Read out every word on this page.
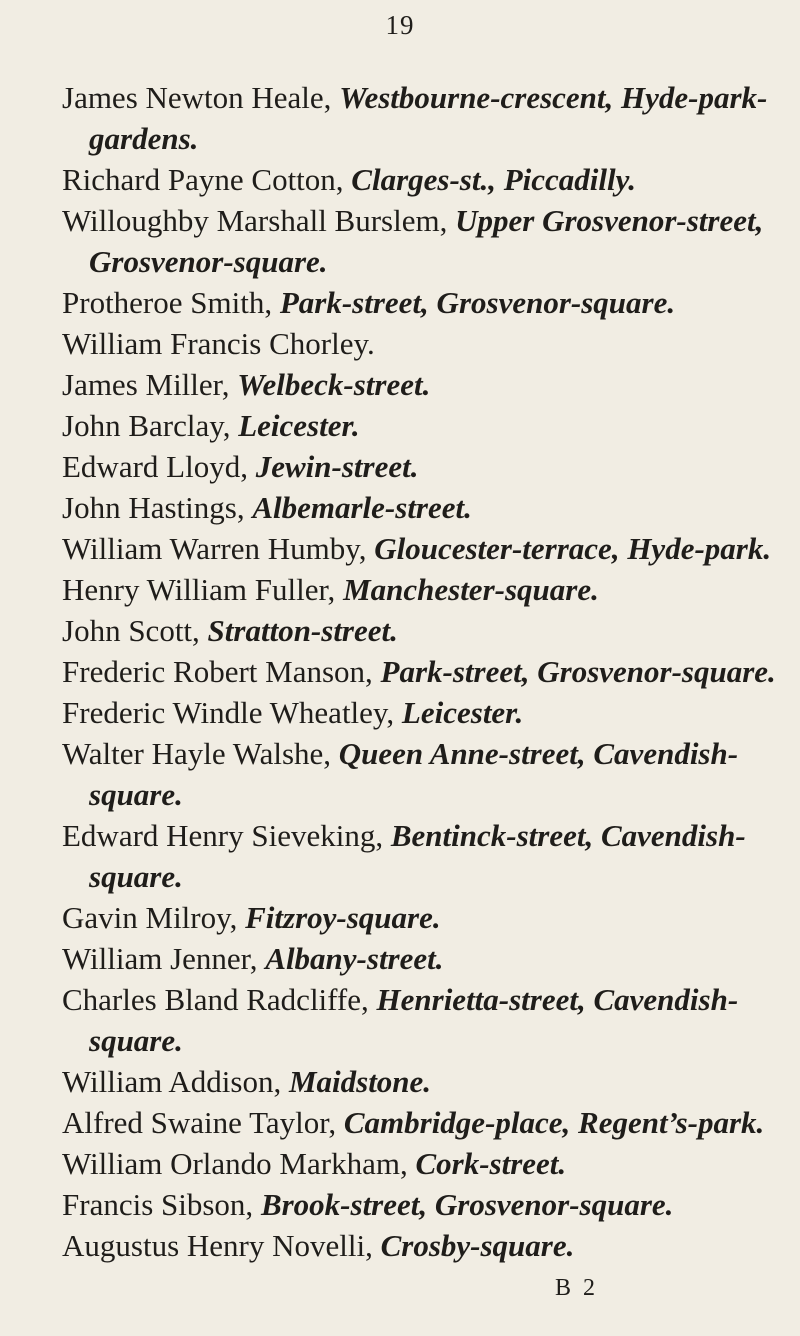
19
James Newton Heale, Westbourne-crescent, Hyde-park-gardens.
Richard Payne Cotton, Clarges-st., Piccadilly.
Willoughby Marshall Burslem, Upper Grosvenor-street, Grosvenor-square.
Protheroe Smith, Park-street, Grosvenor-square.
William Francis Chorley.
James Miller, Welbeck-street.
John Barclay, Leicester.
Edward Lloyd, Jewin-street.
John Hastings, Albemarle-street.
William Warren Humby, Gloucester-terrace, Hyde-park.
Henry William Fuller, Manchester-square.
John Scott, Stratton-street.
Frederic Robert Manson, Park-street, Grosvenor-square.
Frederic Windle Wheatley, Leicester.
Walter Hayle Walshe, Queen Anne-street, Cavendish-square.
Edward Henry Sieveking, Bentinck-street, Cavendish-square.
Gavin Milroy, Fitzroy-square.
William Jenner, Albany-street.
Charles Bland Radcliffe, Henrietta-street, Cavendish-square.
William Addison, Maidstone.
Alfred Swaine Taylor, Cambridge-place, Regent’s-park.
William Orlando Markham, Cork-street.
Francis Sibson, Brook-street, Grosvenor-square.
Augustus Henry Novelli, Crosby-square.
B 2
